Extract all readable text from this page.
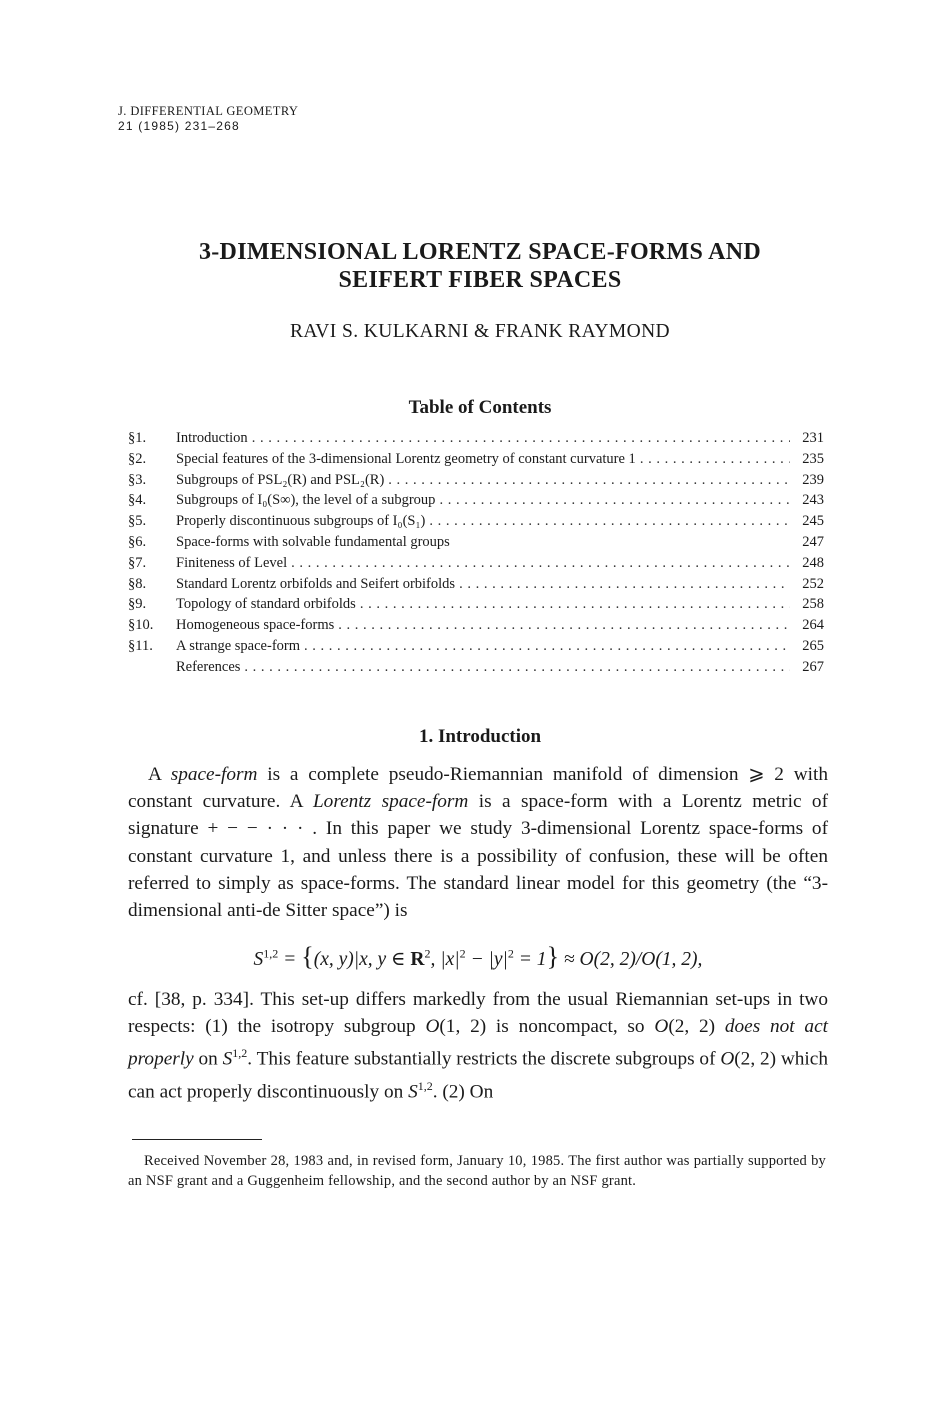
J. DIFFERENTIAL GEOMETRY
21 (1985) 231–268
3-DIMENSIONAL LORENTZ SPACE-FORMS AND
SEIFERT FIBER SPACES
RAVI S. KULKARNI & FRANK RAYMOND
Table of Contents
§1.	Introduction . . .	231
§2.	Special features of the 3-dimensional Lorentz geometry of constant curvature 1 . . .	235
§3.	Subgroups of PSL₂(R) and PSL₂(R) . . .	239
§4.	Subgroups of I₀(S∞), the level of a subgroup . . .	243
§5.	Properly discontinuous subgroups of I₀(S₁) . . .	245
§6.	Space-forms with solvable fundamental groups	247
§7.	Finiteness of Level . . .	248
§8.	Standard Lorentz orbifolds and Seifert orbifolds . . .	252
§9.	Topology of standard orbifolds . . .	258
§10.	Homogeneous space-forms . . .	264
§11.	A strange space-form . . .	265
References . . .	267
1. Introduction
A space-form is a complete pseudo-Riemannian manifold of dimension ⩾ 2 with constant curvature. A Lorentz space-form is a space-form with a Lorentz metric of signature + − − · · · . In this paper we study 3-dimensional Lorentz space-forms of constant curvature 1, and unless there is a possibility of confusion, these will be often referred to simply as space-forms. The standard linear model for this geometry (the “3-dimensional anti-de Sitter space”) is
S$^{1,2}$ = {(x, y)|x, y ∈ $R^2$, $|x|^2 - |y|^2 = 1\} \approx O(2$, 2)/O(1, 2),
cf. [38, p. 334]. This set-up differs markedly from the usual Riemannian set-ups in two respects: (1) the isotropy subgroup O(1, 2) is noncompact, so O(2, 2) does not act properly on S$^{1,2}$. This feature substantially restricts the discrete subgroups of O(2, 2) which can act properly discontinuously on S$^{1,2}$. (2) On
Received November 28, 1983 and, in revised form, January 10, 1985. The first author was partially supported by an NSF grant and a Guggenheim fellowship, and the second author by an NSF grant.
